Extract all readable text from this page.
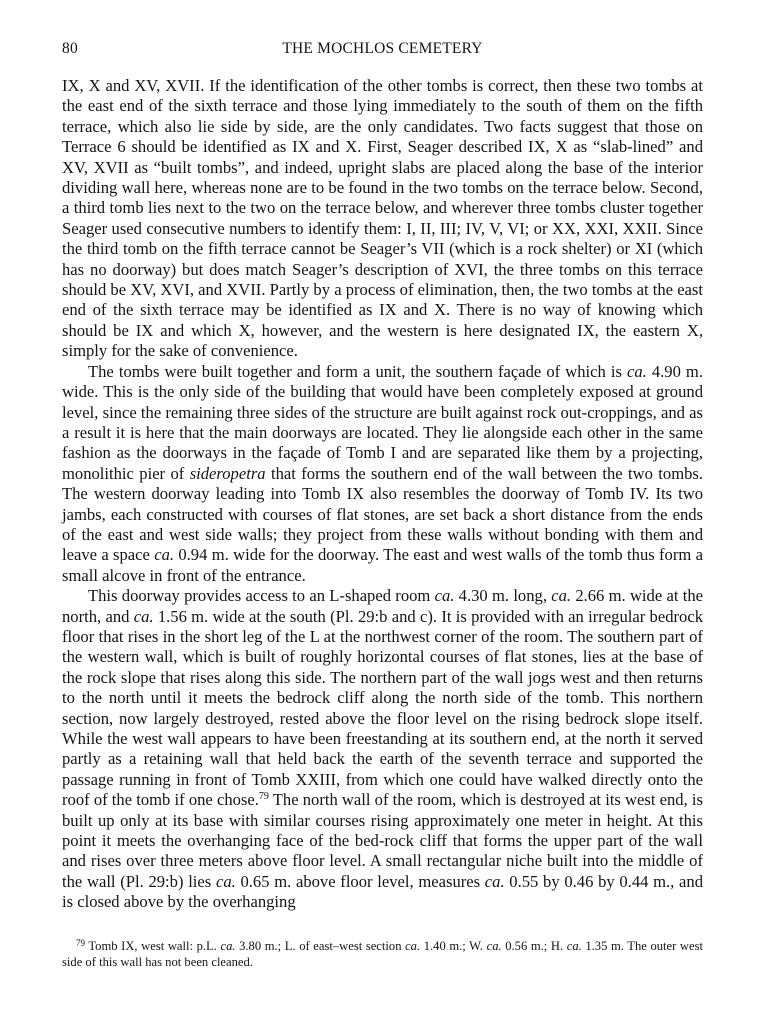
80	THE MOCHLOS CEMETERY

IX, X and XV, XVII. If the identification of the other tombs is correct, then these two tombs at the east end of the sixth terrace and those lying immediately to the south of them on the fifth terrace, which also lie side by side, are the only candidates. Two facts suggest that those on Terrace 6 should be identified as IX and X. First, Seager described IX, X as “slab-lined” and XV, XVII as “built tombs”, and indeed, upright slabs are placed along the base of the interior dividing wall here, whereas none are to be found in the two tombs on the terrace below. Second, a third tomb lies next to the two on the terrace below, and wherever three tombs cluster together Seager used consecutive numbers to identify them: I, II, III; IV, V, VI; or XX, XXI, XXII. Since the third tomb on the fifth terrace cannot be Seager’s VII (which is a rock shelter) or XI (which has no doorway) but does match Seager’s description of XVI, the three tombs on this terrace should be XV, XVI, and XVII. Partly by a process of elimination, then, the two tombs at the east end of the sixth terrace may be identified as IX and X. There is no way of knowing which should be IX and which X, however, and the western is here designated IX, the eastern X, simply for the sake of convenience.

The tombs were built together and form a unit, the southern façade of which is ca. 4.90 m. wide. This is the only side of the building that would have been completely exposed at ground level, since the remaining three sides of the structure are built against rock out-croppings, and as a result it is here that the main doorways are located. They lie alongside each other in the same fashion as the doorways in the façade of Tomb I and are separated like them by a projecting, monolithic pier of sideropetra that forms the southern end of the wall between the two tombs. The western doorway leading into Tomb IX also resembles the doorway of Tomb IV. Its two jambs, each constructed with courses of flat stones, are set back a short distance from the ends of the east and west side walls; they project from these walls without bonding with them and leave a space ca. 0.94 m. wide for the doorway. The east and west walls of the tomb thus form a small alcove in front of the entrance.

This doorway provides access to an L-shaped room ca. 4.30 m. long, ca. 2.66 m. wide at the north, and ca. 1.56 m. wide at the south (Pl. 29:b and c). It is provided with an irregular bedrock floor that rises in the short leg of the L at the northwest corner of the room. The southern part of the western wall, which is built of roughly horizontal courses of flat stones, lies at the base of the rock slope that rises along this side. The northern part of the wall jogs west and then returns to the north until it meets the bedrock cliff along the north side of the tomb. This northern section, now largely destroyed, rested above the floor level on the rising bedrock slope itself. While the west wall appears to have been freestanding at its southern end, at the north it served partly as a retaining wall that held back the earth of the seventh terrace and supported the passage running in front of Tomb XXIII, from which one could have walked directly onto the roof of the tomb if one chose.$^{79}$ The north wall of the room, which is destroyed at its west end, is built up only at its base with similar courses rising approximately one meter in height. At this point it meets the overhanging face of the bed-rock cliff that forms the upper part of the wall and rises over three meters above floor level. A small rectangular niche built into the middle of the wall (Pl. 29:b) lies ca. 0.65 m. above floor level, measures ca. 0.55 by 0.46 by 0.44 m., and is closed above by the overhanging

$^{79}$ Tomb IX, west wall: p.L. ca. 3.80 m.; L. of east–west section ca. 1.40 m.; W. ca. 0.56 m.; H. ca. 1.35 m. The outer west side of this wall has not been cleaned.
